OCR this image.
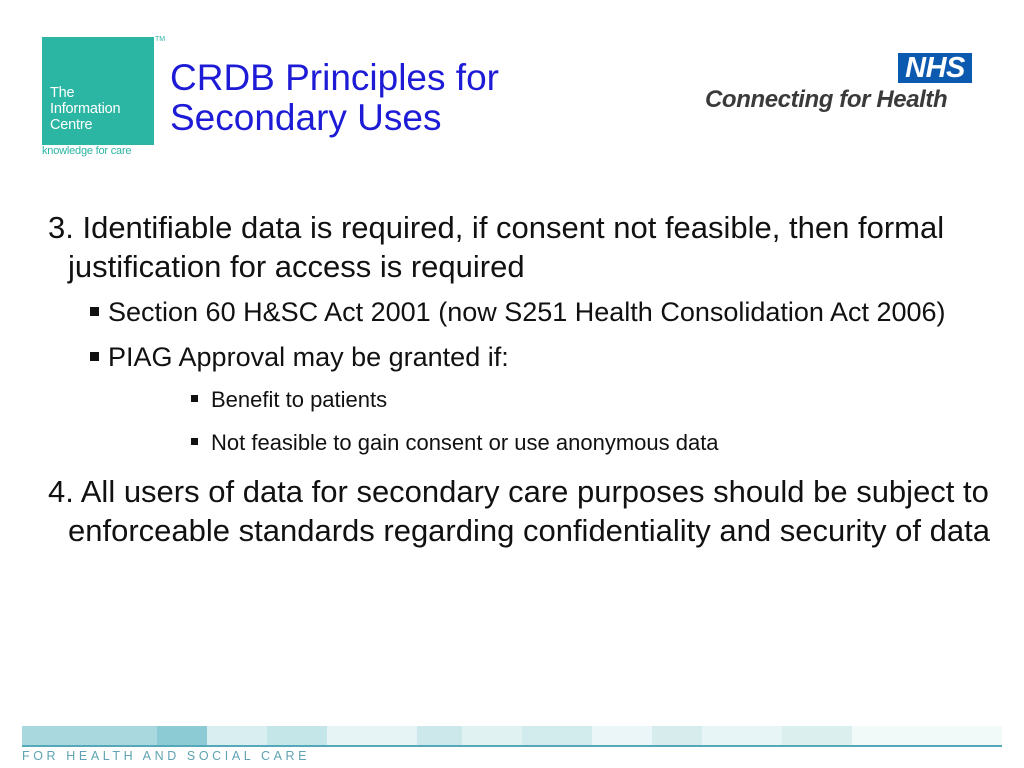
The
Information
Centre
TM
knowledge for care
CRDB Principles for
Secondary Uses
NHS
Connecting for Health

3. Identifiable data is required, if consent not feasible, then formal justification for access is required

Section 60 H&SC Act 2001 (now S251 Health Consolidation Act 2006)
PIAG Approval may be granted if:
Benefit to patients
Not feasible to gain consent or use anonymous data

4. All users of data for secondary care purposes should be subject to enforceable standards regarding confidentiality and security of data

FOR HEALTH AND SOCIAL CARE
